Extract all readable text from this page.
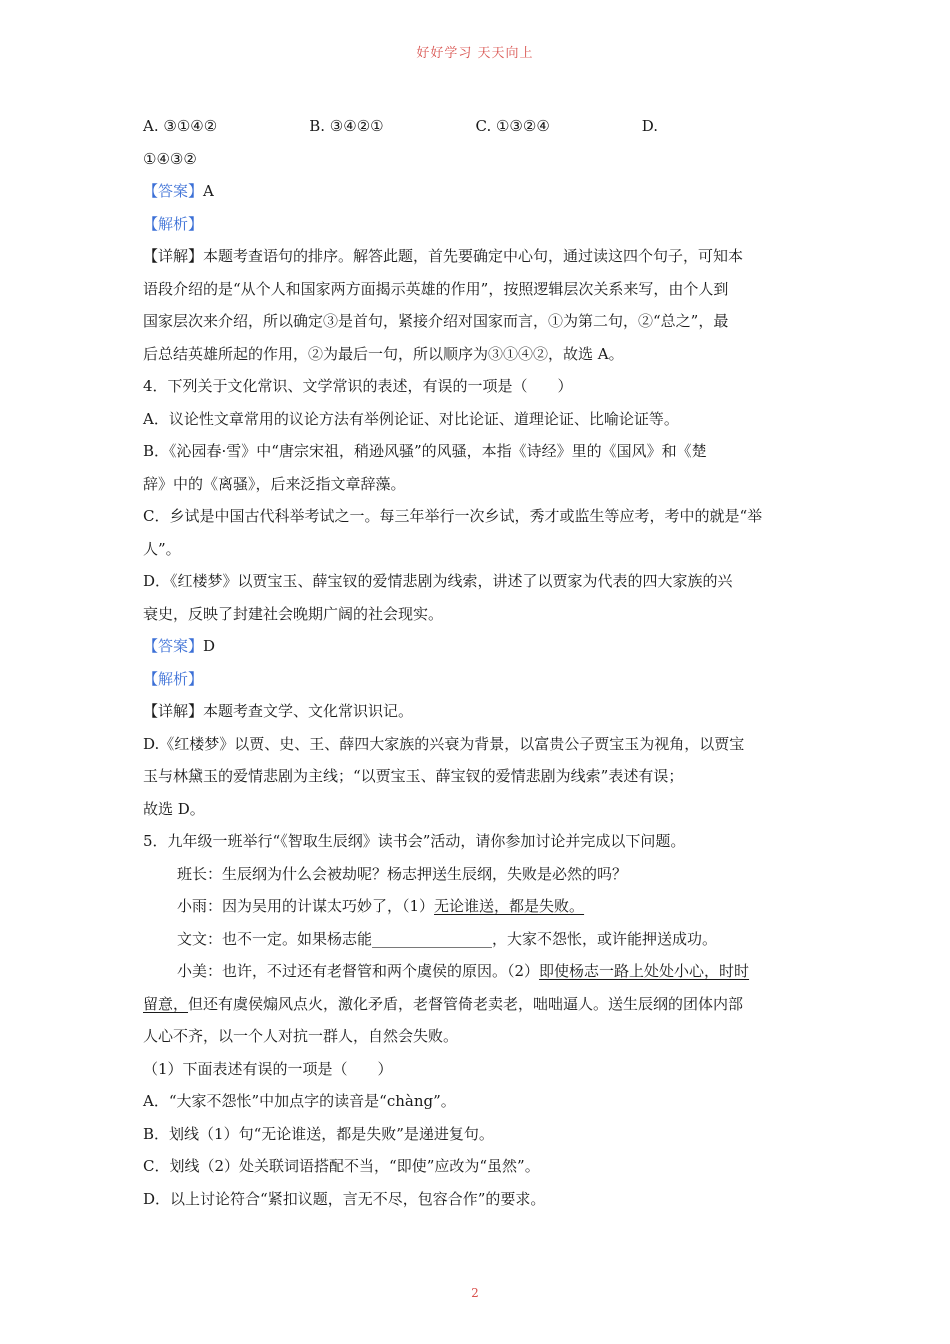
好好学习 天天向上
A. ③①④②	B. ③④②①	C. ①③②④	D.
①④③②
【答案】A
【解析】
【详解】本题考查语句的排序。解答此题，首先要确定中心句，通过读这四个句子，可知本
语段介绍的是“从个人和国家两方面揭示英雄的作用”，按照逻辑层次关系来写，由个人到
国家层次来介绍，所以确定③是首句，紧接介绍对国家而言，①为第二句，②“总之”，最
后总结英雄所起的作用，②为最后一句，所以顺序为③①④②，故选 A。
4．下列关于文化常识、文学常识的表述，有误的一项是（　　）
A．议论性文章常用的议论方法有举例论证、对比论证、道理论证、比喻论证等。
B．《沁园春·雪》中“唐宗宋祖，稍逊风骚”的风骚，本指《诗经》里的《国风》和《楚
辞》中的《离骚》，后来泛指文章辞藻。
C．乡试是中国古代科举考试之一。每三年举行一次乡试，秀才或监生等应考，考中的就是“举
人”。
D．《红楼梦》以贾宝玉、薛宝钗的爱情悲剧为线索，讲述了以贾家为代表的四大家族的兴
衰史，反映了封建社会晚期广阔的社会现实。
【答案】D
【解析】
【详解】本题考查文学、文化常识识记。
D.《红楼梦》以贾、史、王、薛四大家族的兴衰为背景，以富贵公子贾宝玉为视角，以贾宝
玉与林黛玉的爱情悲剧为主线；“以贾宝玉、薛宝钗的爱情悲剧为线索”表述有误；
故选 D。
5．九年级一班举行“《智取生辰纲》读书会”活动，请你参加讨论并完成以下问题。
班长：生辰纲为什么会被劫呢？杨志押送生辰纲，失败是必然的吗？
小雨：因为吴用的计谋太巧妙了，（1）无论谁送，都是失败。
文文：也不一定。如果杨志能________________，大家不怨怅，或许能押送成功。
小美：也许，不过还有老督管和两个虞侯的原因。（2）即使杨志一路上处处小心，时时
留意，但还有虞侯煽风点火，激化矛盾，老督管倚老卖老，咄咄逼人。送生辰纲的团体内部
人心不齐，以一个人对抗一群人，自然会失败。
（1）下面表述有误的一项是（　　）
A．“大家不怨怅”中加点字的读音是“chàng”。
B．划线（1）句“无论谁送，都是失败”是递进复句。
C．划线（2）处关联词语搭配不当，“即使”应改为“虽然”。
D．以上讨论符合“紧扣议题，言无不尽，包容合作”的要求。
2
